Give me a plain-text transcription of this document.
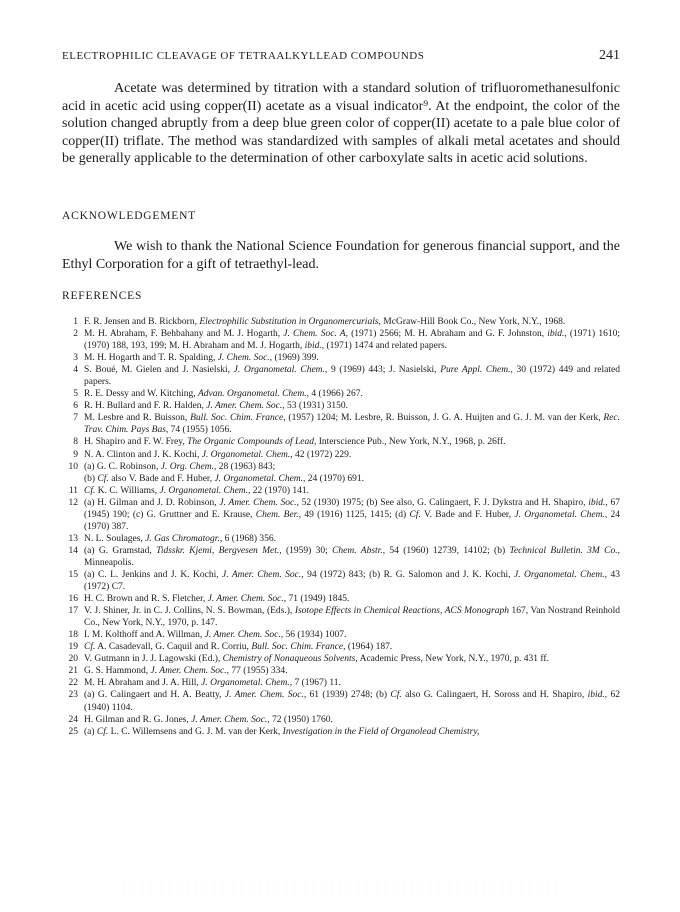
ELECTROPHILIC CLEAVAGE OF TETRAALKYLLEAD COMPOUNDS	241

Acetate was determined by titration with a standard solution of trifluoromethanesulfonic acid in acetic acid using copper(II) acetate as a visual indicator⁹. At the endpoint, the color of the solution changed abruptly from a deep blue green color of copper(II) acetate to a pale blue color of copper(II) triflate. The method was standardized with samples of alkali metal acetates and should be generally applicable to the determination of other carboxylate salts in acetic acid solutions.

ACKNOWLEDGEMENT

We wish to thank the National Science Foundation for generous financial support, and the Ethyl Corporation for a gift of tetraethyl-lead.

REFERENCES
1 F. R. Jensen and B. Rickborn, Electrophilic Substitution in Organomercurials, McGraw-Hill Book Co., New York, N.Y., 1968.
2 M. H. Abraham, F. Behbahany and M. J. Hogarth, J. Chem. Soc. A, (1971) 2566; M. H. Abraham and G. F. Johnston, ibid., (1971) 1610; (1970) 188, 193, 199; M. H. Abraham and M. J. Hogarth, ibid., (1971) 1474 and related papers.
3 M. H. Hogarth and T. R. Spalding, J. Chem. Soc., (1969) 399.
4 S. Boué, M. Gielen and J. Nasielski, J. Organometal. Chem., 9 (1969) 443; J. Nasielski, Pure Appl. Chem., 30 (1972) 449 and related papers.
5 R. E. Dessy and W. Kitching, Advan. Organometal. Chem., 4 (1966) 267.
6 R. H. Bullard and F. R. Halden, J. Amer. Chem. Soc., 53 (1931) 3150.
7 M. Lesbre and R. Buisson, Bull. Soc. Chim. France, (1957) 1204; M. Lesbre, R. Buisson, J. G. A. Huijten and G. J. M. van der Kerk, Rec. Trav. Chim. Pays Bas, 74 (1955) 1056.
8 H. Shapiro and F. W. Frey, The Organic Compounds of Lead, Interscience Pub., New York, N.Y., 1968, p. 26ff.
9 N. A. Clinton and J. K. Kochi, J. Organometal. Chem., 42 (1972) 229.
10 (a) G. C. Robinson, J. Org. Chem., 28 (1963) 843;
(b) Cf. also V. Bade and F. Huber, J. Organometal. Chem., 24 (1970) 691.
11 Cf. K. C. Williams, J. Organometal. Chem., 22 (1970) 141.
12 (a) H. Gilman and J. D. Robinson, J. Amer. Chem. Soc., 52 (1930) 1975; (b) See also, G. Calingaert, F. J. Dykstra and H. Shapiro, ibid., 67 (1945) 190; (c) G. Gruttner and E. Krause, Chem. Ber., 49 (1916) 1125, 1415; (d) Cf. V. Bade and F. Huber, J. Organometal. Chem., 24 (1970) 387.
13 N. L. Soulages, J. Gas Chromatogr., 6 (1968) 356.
14 (a) G. Gramstad, Tidsskr. Kjemi, Bergvesen Met., (1959) 30; Chem. Abstr., 54 (1960) 12739, 14102; (b) Technical Bulletin. 3M Co., Minneapolis.
15 (a) C. L. Jenkins and J. K. Kochi, J. Amer. Chem. Soc., 94 (1972) 843; (b) R. G. Salomon and J. K. Kochi, J. Organometal. Chem., 43 (1972) C7.
16 H. C. Brown and R. S. Fletcher, J. Amer. Chem. Soc., 71 (1949) 1845.
17 V. J. Shiner, Jr. in C. J. Collins, N. S. Bowman, (Eds.), Isotope Effects in Chemical Reactions, ACS Monograph 167, Van Nostrand Reinhold Co., New York, N.Y., 1970, p. 147.
18 I. M. Kolthoff and A. Willman, J. Amer. Chem. Soc., 56 (1934) 1007.
19 Cf. A. Casadevall, G. Caquil and R. Corriu, Bull. Soc. Chim. France, (1964) 187.
20 V. Gutmann in J. J. Lagowski (Ed.), Chemistry of Nonaqueous Solvents, Academic Press, New York, N.Y., 1970, p. 431 ff.
21 G. S. Hammond, J. Amer. Chem. Soc., 77 (1955) 334.
22 M. H. Abraham and J. A. Hill, J. Organometal. Chem., 7 (1967) 11.
23 (a) G. Calingaert and H. A. Beatty, J. Amer. Chem. Soc., 61 (1939) 2748; (b) Cf. also G. Calingaert, H. Soross and H. Shapiro, ibid., 62 (1940) 1104.
24 H. Gilman and R. G. Jones, J. Amer. Chem. Soc., 72 (1950) 1760.
25 (a) Cf. L. C. Willemsens and G. J. M. van der Kerk, Investigation in the Field of Organolead Chemistry,
